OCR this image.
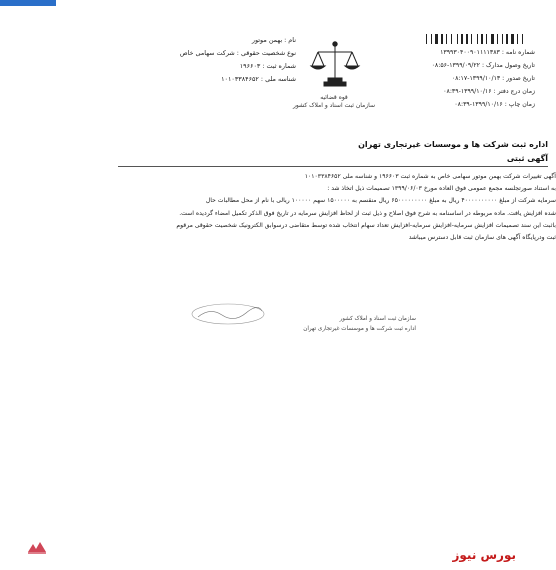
نام : بهمن موتور
نوع شخصیت حقوقی : شرکت سهامی خاص
شماره ثبت : ۱۹۶۶۰۳
شناسه ملی : ۱۰۱۰۳۳۸۴۶۵۲
قوه قضائیه
سازمان ثبت اسناد و املاک کشور
شماره نامه : ۱۳۹۹۳۰۴۰۰۹۰۱۱۱۱۳۸۳
تاریخ وصول مدارک : ۱۳۹۹/۰۹/۲۲-۰۸:۵۶
تاریخ صدور : ۱۳۹۹/۱۰/۱۳-۰۸:۱۷
زمان درج دفتر : ۱۳۹۹/۱۰/۱۶-۰۸:۳۹
زمان چاپ : ۱۳۹۹/۱۰/۱۶-۰۸:۳۹
اداره ثبت شرکت ها و موسسات غیرتجاری تهران
آگهی ثبتی
آگهی تغییرات شرکت بهمن موتور سهامی خاص به شماره ثبت ۱۹۶۶۰۳ و شناسه ملی ۱۰۱۰۳۳۸۴۶۵۲
به استناد صورتجلسه مجمع عمومی فوق العاده مورخ ۱۳۹۹/۰۶/۰۳ تصمیمات ذیل اتخاذ شد :
سرمایه شرکت از مبلغ ۴۰۰۰۰۰۰۰۰۰۰ ریال به مبلغ ۶۵۰۰۰۰۰۰۰۰۰ ریال منقسم به ۱۵۰۰۰۰۰ سهم ۱۰۰۰۰۰ ریالی با نام از محل مطالبات حال
شده افزایش یافت. ماده مربوطه در اساسنامه به شرح فوق اصلاح و ذیل ثبت از لحاظ افزایش سرمایه در تاریخ فوق الذکر تکمیل امضاء گردیده است.
باثبت این سند تصمیمات افزایش سرمایه-افزایش سرمایه-افزایش تعداد سهام انتخاب شده توسط متقاضی درسوابق الکترونیک شخصیت حقوقی مرقوم
ثبت ودرپایگاه آگهی های سازمان ثبت قابل دسترس میباشد
سازمان ثبت اسناد و املاک کشور
اداره ثبت شرکت ها و موسسات غیرتجاری تهران
بورس نیوز
